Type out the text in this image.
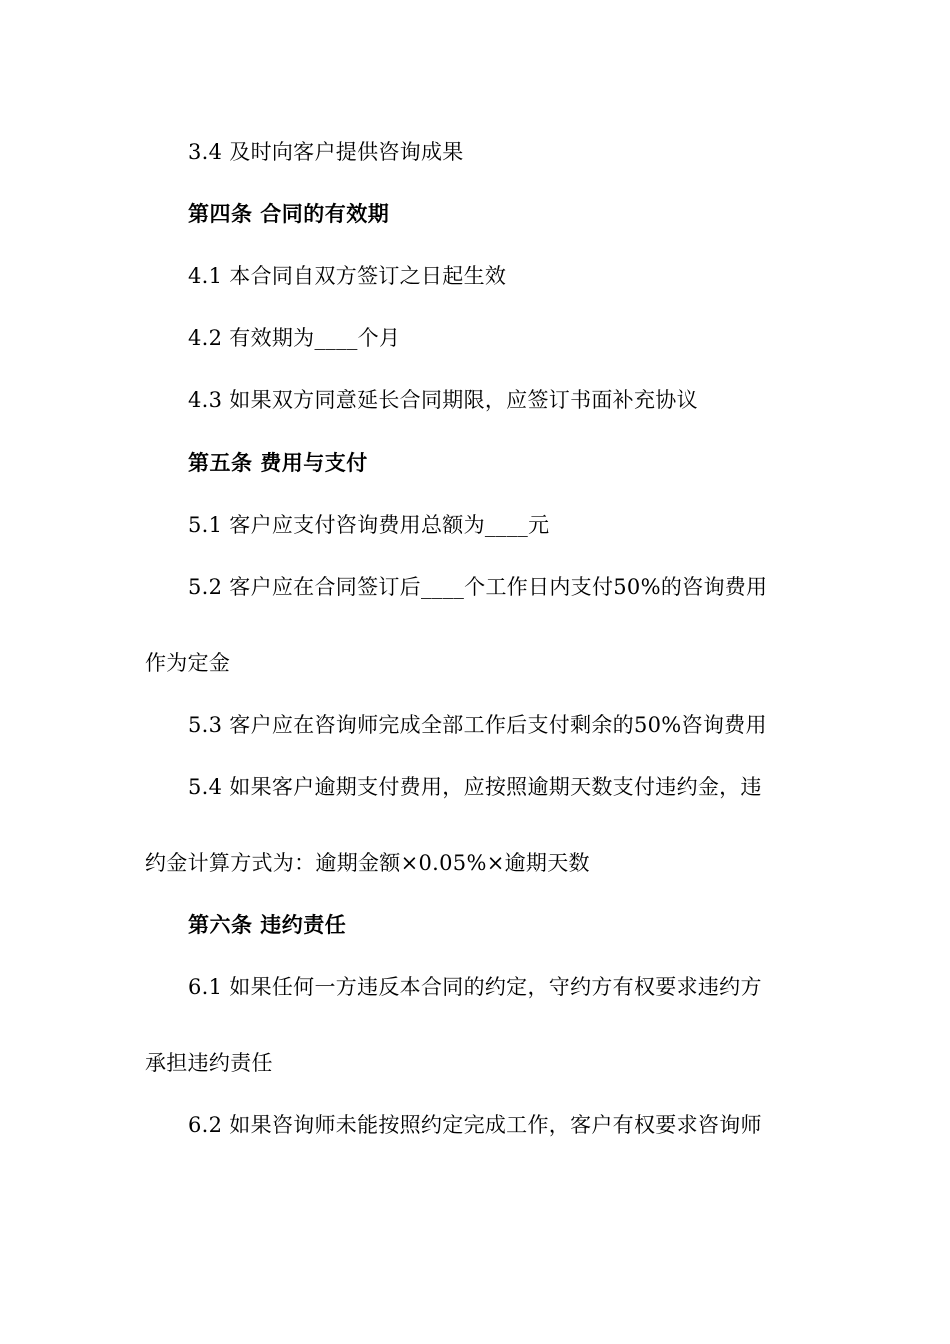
3.4 及时向客户提供咨询成果
第四条 合同的有效期
4.1 本合同自双方签订之日起生效
4.2 有效期为____个月
4.3 如果双方同意延长合同期限，应签订书面补充协议
第五条 费用与支付
5.1 客户应支付咨询费用总额为____元
5.2 客户应在合同签订后____个工作日内支付50%的咨询费用
作为定金
5.3 客户应在咨询师完成全部工作后支付剩余的50%咨询费用
5.4 如果客户逾期支付费用，应按照逾期天数支付违约金，违
约金计算方式为：逾期金额×0.05%×逾期天数
第六条 违约责任
6.1 如果任何一方违反本合同的约定，守约方有权要求违约方
承担违约责任
6.2 如果咨询师未能按照约定完成工作，客户有权要求咨询师
